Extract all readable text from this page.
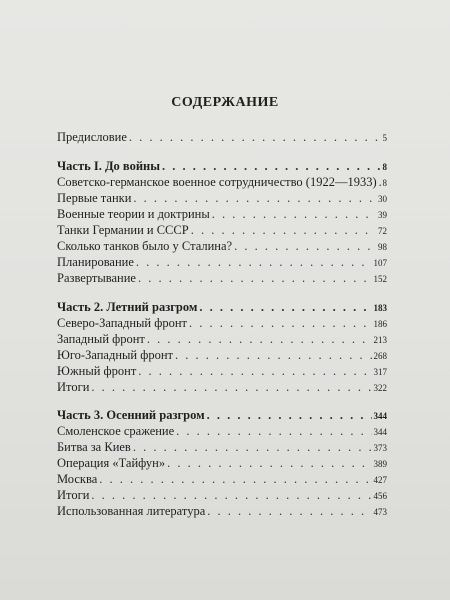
СОДЕРЖАНИЕ
Предисловие . . .	5
Часть I. До войны . . .	8
Советско-германское военное сотрудничество (1922—1933) . . . 8
Первые танки . . .	30
Военные теории и доктрины . . .	39
Танки Германии и СССР . . .	72
Сколько танков было у Сталина? . . .	98
Планирование . . .	107
Развертывание . . .	152
Часть 2. Летний разгром . . .	183
Северо-Западный фронт . . .	186
Западный фронт . . .	213
Юго-Западный фронт . . .	268
Южный фронт . . .	317
Итоги . . .	322
Часть 3. Осенний разгром . . .	344
Смоленское сражение . . .	344
Битва за Киев . . .	373
Операция «Тайфун» . . .	389
Москва . . .	427
Итоги . . .	456
Использованная литература . . .	473
